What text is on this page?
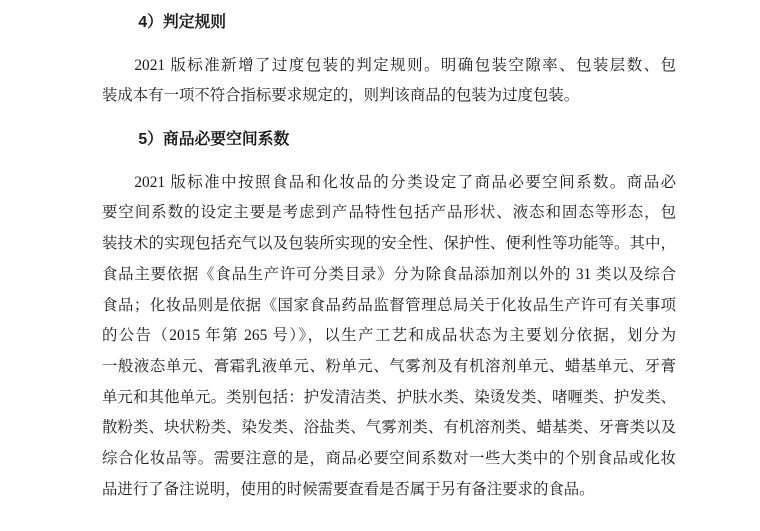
4）判定规则
2021 版标准新增了过度包装的判定规则。明确包装空隙率、包装层数、包
装成本有一项不符合指标要求规定的，则判该商品的包装为过度包装。
5）商品必要空间系数
2021 版标准中按照食品和化妆品的分类设定了商品必要空间系数。商品必
要空间系数的设定主要是考虑到产品特性包括产品形状、液态和固态等形态，包
装技术的实现包括充气以及包装所实现的安全性、保护性、便利性等功能等。其中，
食品主要依据《食品生产许可分类目录》分为除食品添加剂以外的 31 类以及综合
食品；化妆品则是依据《国家食品药品监督管理总局关于化妆品生产许可有关事项
的公告（2015 年第 265 号）》，以生产工艺和成品状态为主要划分依据，划分为
一般液态单元、膏霜乳液单元、粉单元、气雾剂及有机溶剂单元、蜡基单元、牙膏
单元和其他单元。类别包括：护发清洁类、护肤水类、染烫发类、啫喱类、护发类、
散粉类、块状粉类、染发类、浴盐类、气雾剂类、有机溶剂类、蜡基类、牙膏类以及
综合化妆品等。需要注意的是，商品必要空间系数对一些大类中的个别食品或化妆
品进行了备注说明，使用的时候需要查看是否属于另有备注要求的食品。
